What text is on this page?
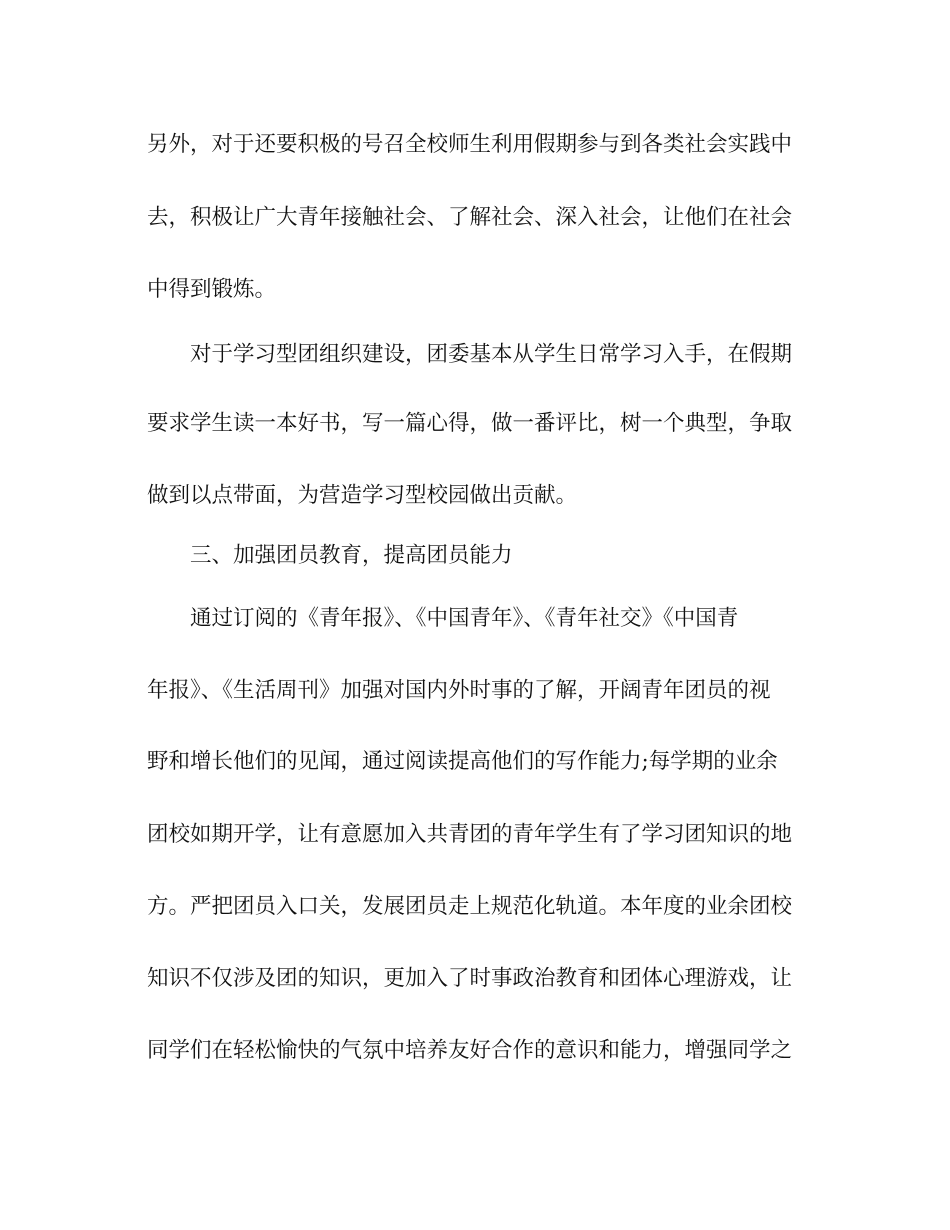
另外，对于还要积极的号召全校师生利用假期参与到各类社会实践中
去，积极让广大青年接触社会、了解社会、深入社会，让他们在社会
中得到锻炼。
对于学习型团组织建设，团委基本从学生日常学习入手，在假期
要求学生读一本好书，写一篇心得，做一番评比，树一个典型，争取
做到以点带面，为营造学习型校园做出贡献。
三、加强团员教育，提高团员能力
通过订阅的《青年报》、《中国青年》、《青年社交》《中国青
年报》、《生活周刊》加强对国内外时事的了解，开阔青年团员的视
野和增长他们的见闻，通过阅读提高他们的写作能力;每学期的业余
团校如期开学，让有意愿加入共青团的青年学生有了学习团知识的地
方。严把团员入口关，发展团员走上规范化轨道。本年度的业余团校
知识不仅涉及团的知识，更加入了时事政治教育和团体心理游戏，让
同学们在轻松愉快的气氛中培养友好合作的意识和能力，增强同学之
